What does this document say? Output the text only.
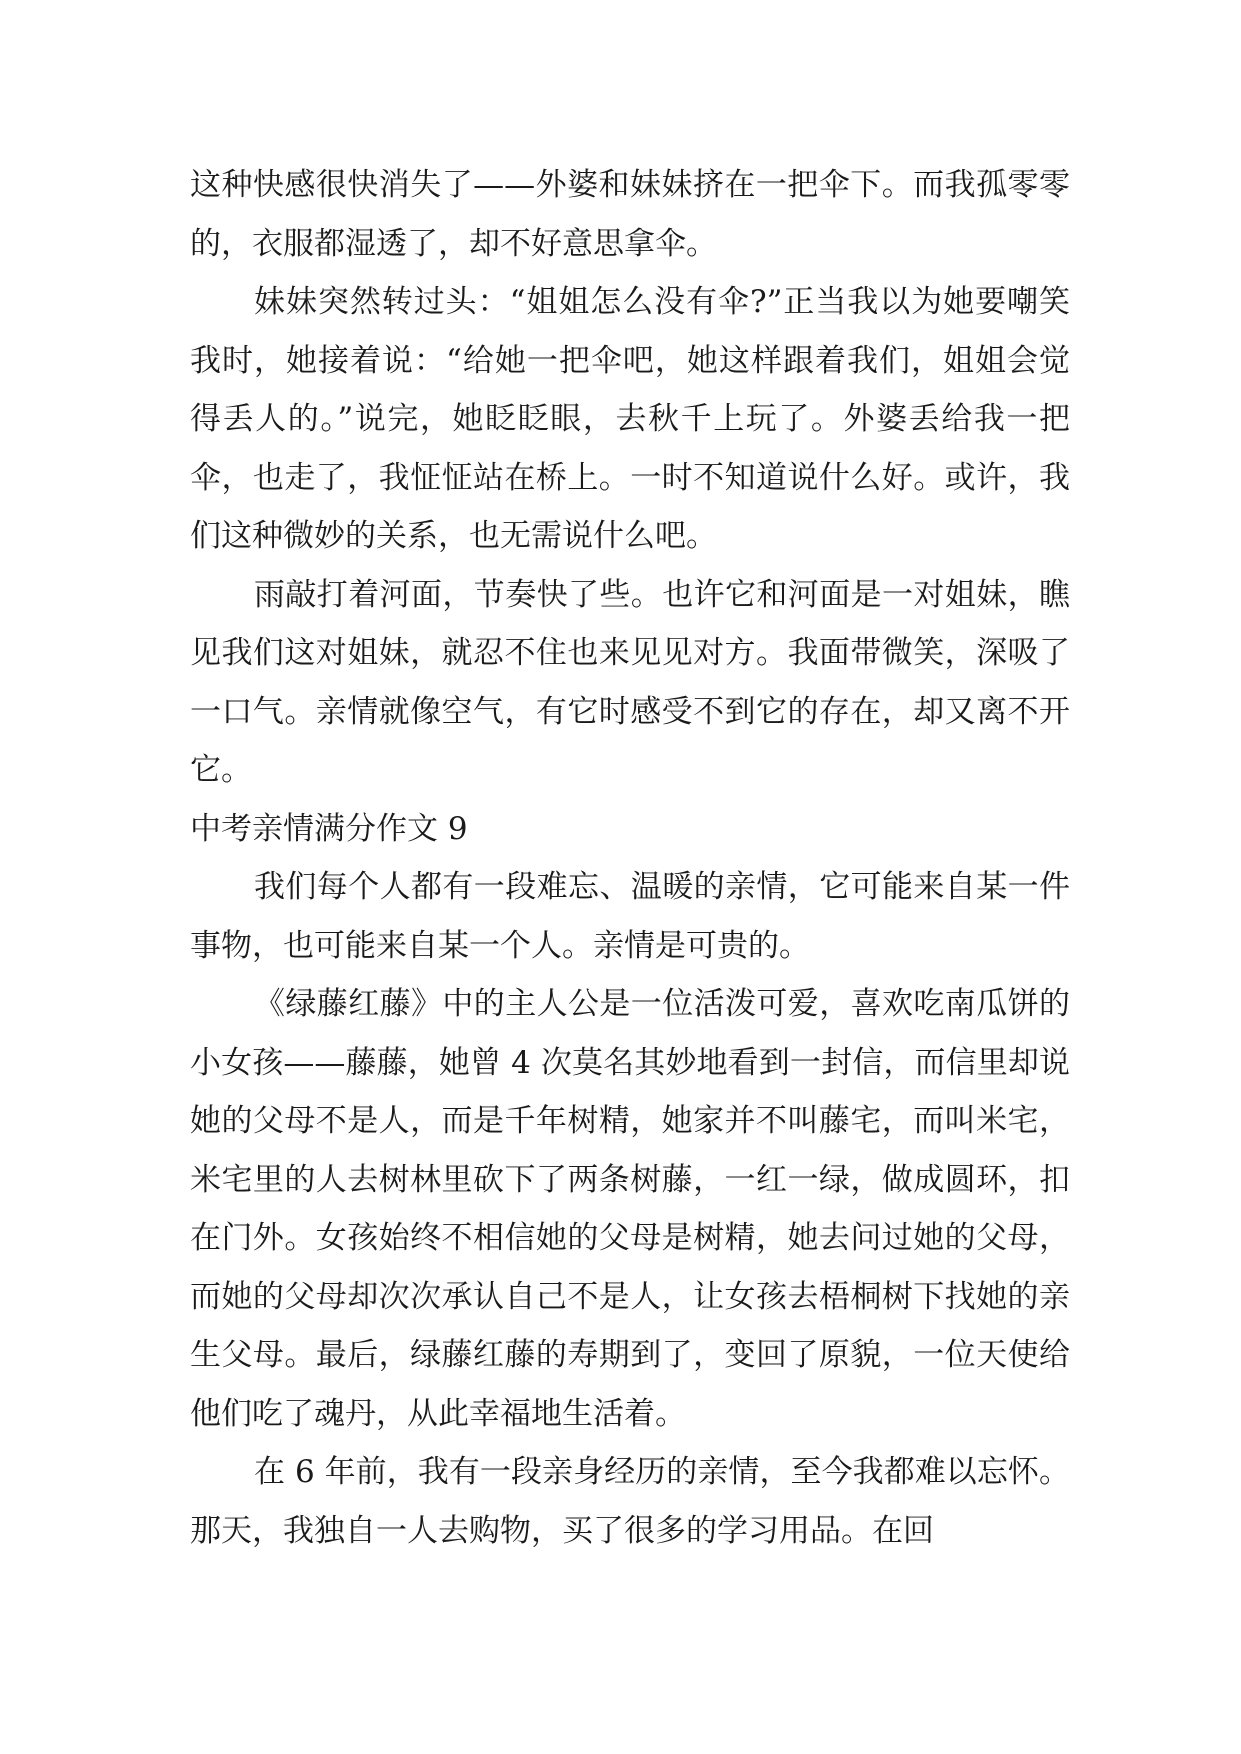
这种快感很快消失了——外婆和妹妹挤在一把伞下。而我孤零零的，衣服都湿透了，却不好意思拿伞。

妹妹突然转过头：“姐姐怎么没有伞?”正当我以为她要嘲笑我时，她接着说：“给她一把伞吧，她这样跟着我们，姐姐会觉得丢人的。”说完，她眨眨眼，去秋千上玩了。外婆丢给我一把伞，也走了，我怔怔站在桥上。一时不知道说什么好。或许，我们这种微妙的关系，也无需说什么吧。

雨敲打着河面，节奏快了些。也许它和河面是一对姐妹，瞧见我们这对姐妹，就忍不住也来见见对方。我面带微笑，深吸了一口气。亲情就像空气，有它时感受不到它的存在，却又离不开它。

中考亲情满分作文 9

我们每个人都有一段难忘、温暖的亲情，它可能来自某一件事物，也可能来自某一个人。亲情是可贵的。

《绿藤红藤》中的主人公是一位活泼可爱，喜欢吃南瓜饼的小女孩——藤藤，她曾 4 次莫名其妙地看到一封信，而信里却说她的父母不是人，而是千年树精，她家并不叫藤宅，而叫米宅，米宅里的人去树林里砍下了两条树藤，一红一绿，做成圆环，扣在门外。女孩始终不相信她的父母是树精，她去问过她的父母，而她的父母却次次承认自己不是人，让女孩去梧桐树下找她的亲生父母。最后，绿藤红藤的寿期到了，变回了原貌，一位天使给他们吃了魂丹，从此幸福地生活着。

在 6 年前，我有一段亲身经历的亲情，至今我都难以忘怀。那天，我独自一人去购物，买了很多的学习用品。在回
